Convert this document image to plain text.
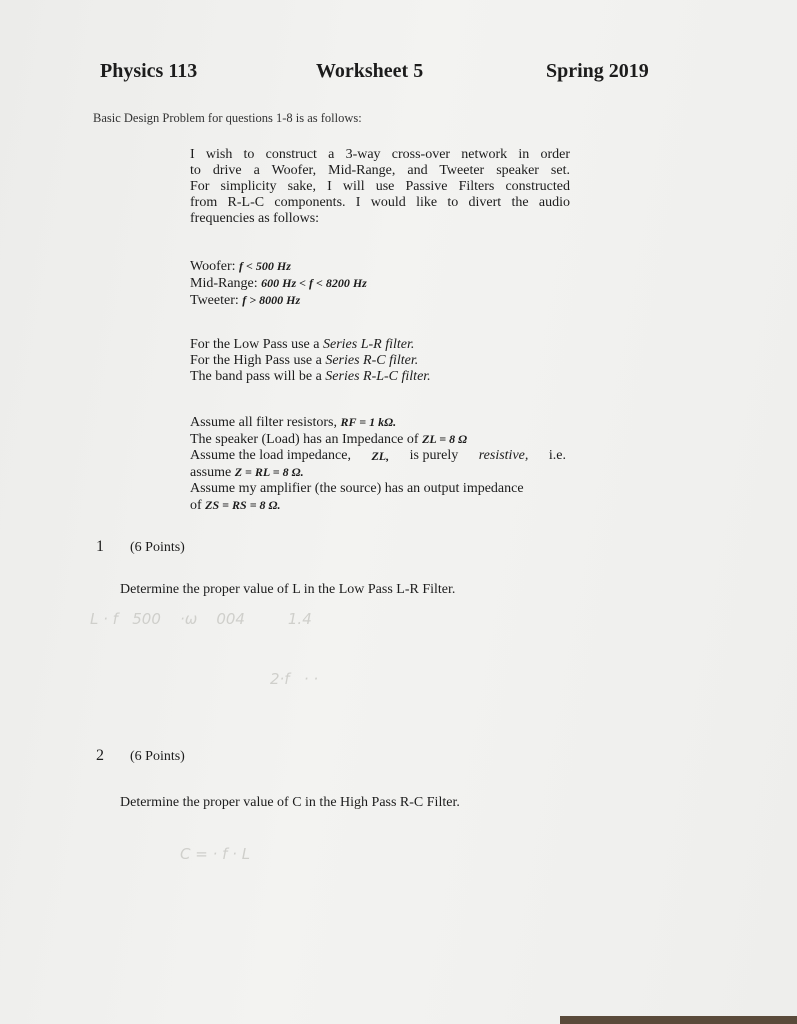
Physics 113	Worksheet 5	Spring 2019
Basic Design Problem for questions 1-8 is as follows:
I wish to construct a 3-way cross-over network in order
to drive a Woofer, Mid-Range, and Tweeter speaker set.
For simplicity sake, I will use Passive Filters constructed
from R-L-C components. I would like to divert the audio
frequencies as follows:
Woofer: f < 500 Hz
Mid-Range: 600 Hz < f < 8200 Hz
Tweeter: f > 8000 Hz
For the Low Pass use a Series L-R filter.
For the High Pass use a Series R-C filter.
The band pass will be a Series R-L-C filter.
Assume all filter resistors, RF = 1 kΩ.
The speaker (Load) has an Impedance of ZL = 8 Ω
Assume the load impedance, ZL, is purely resistive, i.e.
assume Z = RL = 8 Ω.
Assume my amplifier (the source) has an output impedance
of ZS = RS = 8 Ω.
1 (6 Points)
Determine the proper value of L in the Low Pass L-R Filter.
L · f   500    ·ω    004         1.4
2·f   · ·
2 (6 Points)
Determine the proper value of C in the High Pass R-C Filter.
C = · f · L
